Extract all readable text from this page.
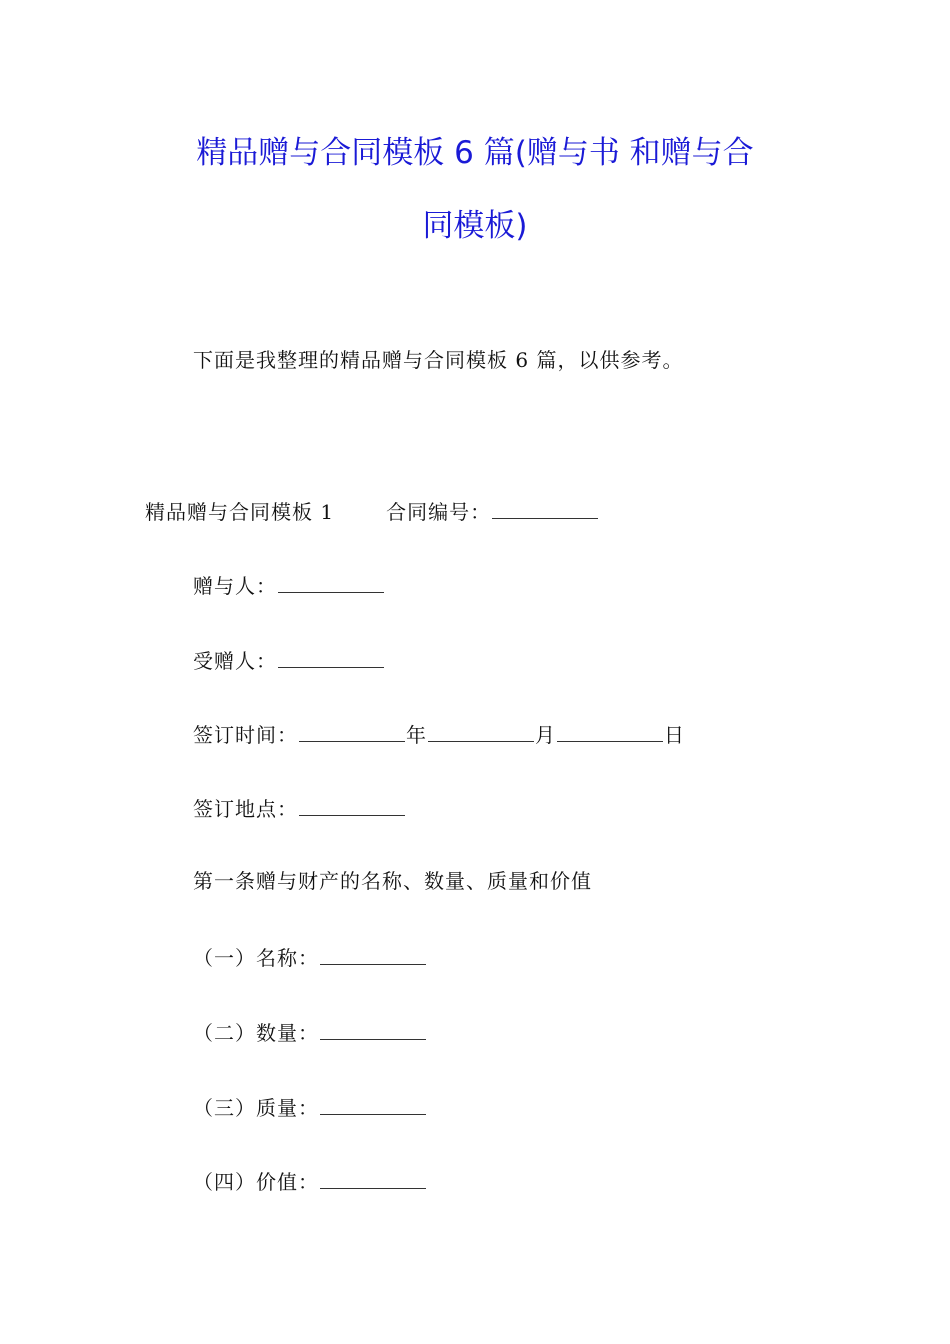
精品赠与合同模板 6 篇(赠与书 和赠与合
同模板)
下面是我整理的精品赠与合同模板 6 篇，以供参考。
精品赠与合同模板 1	合同编号：
赠与人：
受赠人：
签订时间：	年	月	日
签订地点：
第一条赠与财产的名称、数量、质量和价值
（一）名称：
（二）数量：
（三）质量：
（四）价值：
